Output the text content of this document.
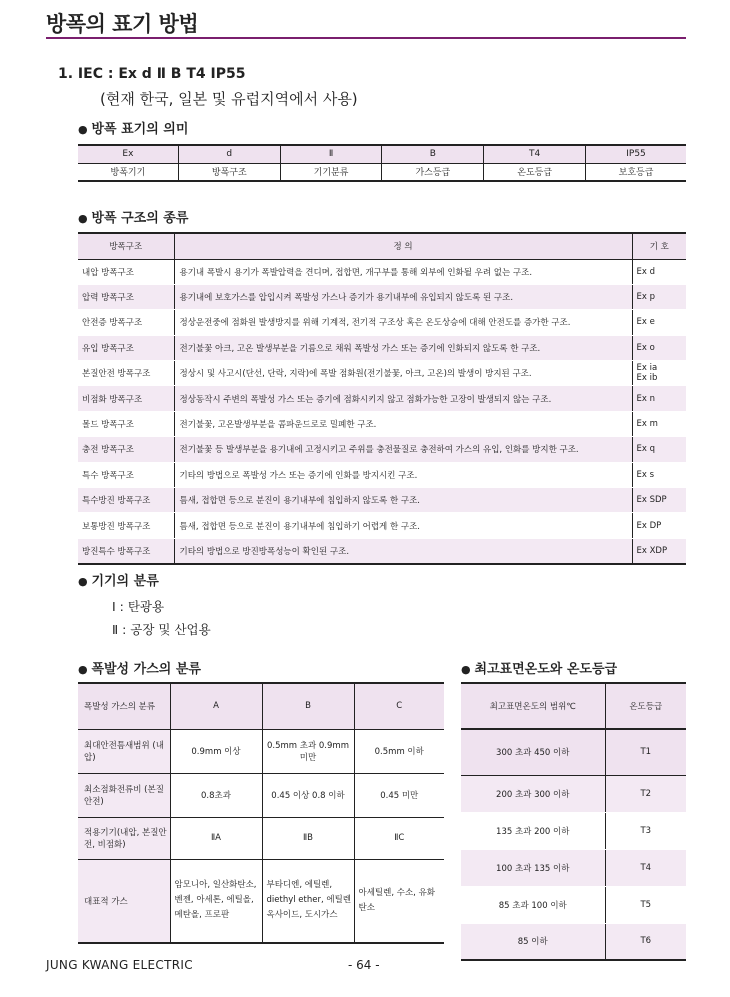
방폭의 표기 방법
1. IEC : Ex d Ⅱ B T4 IP55
(현재 한국, 일본 및 유럽지역에서 사용)
● 방폭 표기의 의미
Ex	d	Ⅱ	B	T4	IP55
방폭기기	방폭구조	기기분류	가스등급	온도등급	보호등급
● 방폭 구조의 종류
방폭구조	정 의	기 호
내압 방폭구조	용기내 폭발시 용기가 폭발압력을 견디며, 접합면, 개구부를 통해 외부에 인화될 우려 없는 구조.	Ex d
압력 방폭구조	용기내에 보호가스를 압입시켜 폭발성 가스나 증기가 용기내부에 유입되지 않도록 된 구조.	Ex p
안전증 방폭구조	정상운전중에 점화원 발생방지를 위해 기계적, 전기적 구조상 혹은 온도상승에 대해 안전도를 증가한 구조.	Ex e
유입 방폭구조	전기불꽃 아크, 고온 발생부분을 기름으로 채워 폭발성 가스 또는 증기에 인화되지 않도록 한 구조.	Ex o
본질안전 방폭구조	정상시 및 사고시(단선, 단락, 지락)에 폭발 점화원(전기불꽃, 아크, 고온)의 발생이 방지된 구조.	Ex ia
Ex ib

비점화 방폭구조	정상동작시 주변의 폭발성 가스 또는 증기에 점화시키지 않고 점화가능한 고장이 발생되지 않는 구조.	Ex n
몰드 방폭구조	전기불꽃, 고온발생부분을 콤파운드로로 밀폐한 구조.	Ex m
충전 방폭구조	전기불꽃 등 발생부분을 용기내에 고정시키고 주위를 충전물질로 충전하여 가스의 유입, 인화를 방지한 구조.	Ex q
특수 방폭구조	기타의 방법으로 폭발성 가스 또는 증기에 인화를 방지시킨 구조.	Ex s
특수방진 방폭구조	틈새, 접합면 등으로 분진이 용기내부에 침입하지 않도록 한 구조.	Ex SDP
보통방진 방폭구조	틈새, 접합면 등으로 분진이 용기내부에 침입하기 어렵게 한 구조.	Ex DP
방진특수 방폭구조	기타의 방법으로 방진방폭성능이 확인된 구조.	Ex XDP
● 기기의 분류
Ⅰ : 탄광용
Ⅱ : 공장 및 산업용
● 폭발성 가스의 분류
폭발성 가스의 분류	A	B	C
최대안전틈새범위 (내압)	0.9mm 이상	0.5mm 초과 0.9mm 미만	0.5mm 이하
최소점화전류비 (본질안전)	0.8초과	0.45 이상 0.8 이하	0.45 미만
적용기기(내압, 본질안전, 비점화)	ⅡA	ⅡB	ⅡC
대표적 가스	암모니아, 일산화탄소, 벤젠, 아세톤, 에틸올, 메탄올, 프로판	부타디엔, 에틸렌, diethyl ether, 에틸렌옥사이드, 도시가스	아세틸렌, 수소, 유화탄소
● 최고표면온도와 온도등급
최고표면온도의 범위℃	온도등급
300 초과 450 이하	T1
200 초과 300 이하	T2
135 초과 200 이하	T3
100 초과 135 이하	T4
85 초과 100 이하	T5
85 이하	T6
JUNG KWANG ELECTRIC	- 64 -
